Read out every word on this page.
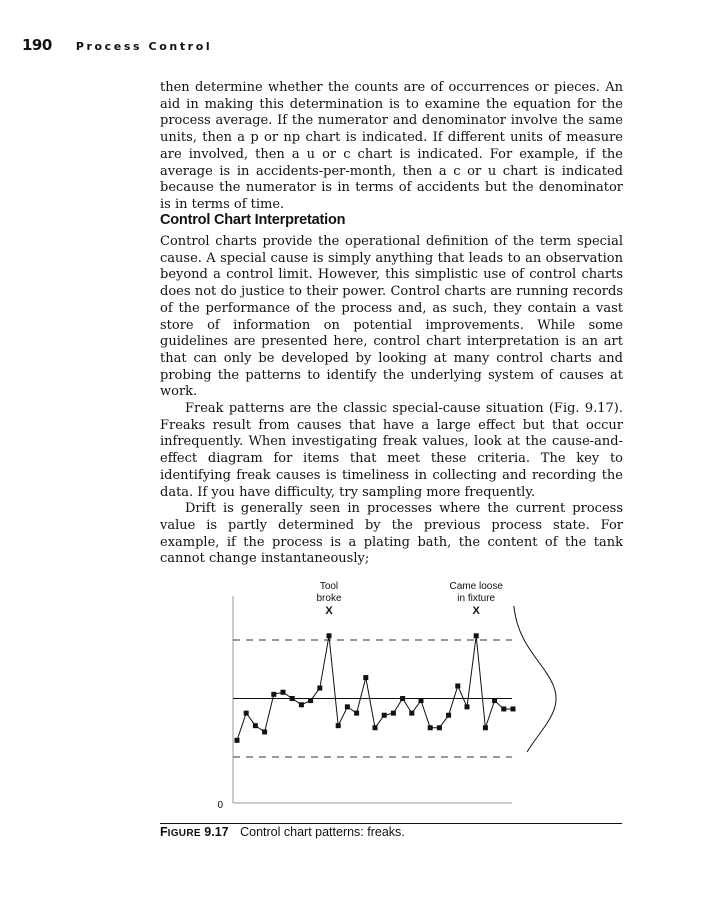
190 Process Control

then determine whether the counts are of occurrences or pieces. An aid in making this determination is to examine the equation for the process average. If the numerator and denominator involve the same units, then a p or np chart is indicated. If different units of measure are involved, then a u or c chart is indicated. For example, if the average is in accidents-per-month, then a c or u chart is indicated because the numerator is in terms of accidents but the denominator is in terms of time.

Control Chart Interpretation

Control charts provide the operational definition of the term special cause. A special cause is simply anything that leads to an observation beyond a control limit. However, this simplistic use of control charts does not do justice to their power. Control charts are running records of the performance of the process and, as such, they contain a vast store of information on potential improvements. While some guidelines are presented here, control chart interpretation is an art that can only be developed by looking at many control charts and probing the patterns to identify the underlying system of causes at work.

Freak patterns are the classic special-cause situation (Fig. 9.17). Freaks result from causes that have a large effect but that occur infrequently. When investigating freak values, look at the cause-and-effect diagram for items that meet these criteria. The key to identifying freak causes is timeliness in collecting and recording the data. If you have difficulty, try sampling more frequently.

Drift is generally seen in processes where the current process value is partly determined by the previous process state. For example, if the process is a plating bath, the content of the tank cannot change instantaneously;

0
Tool
broke
X
Came loose
in fixture
X
FIGURE 9.17 Control chart patterns: freaks.
